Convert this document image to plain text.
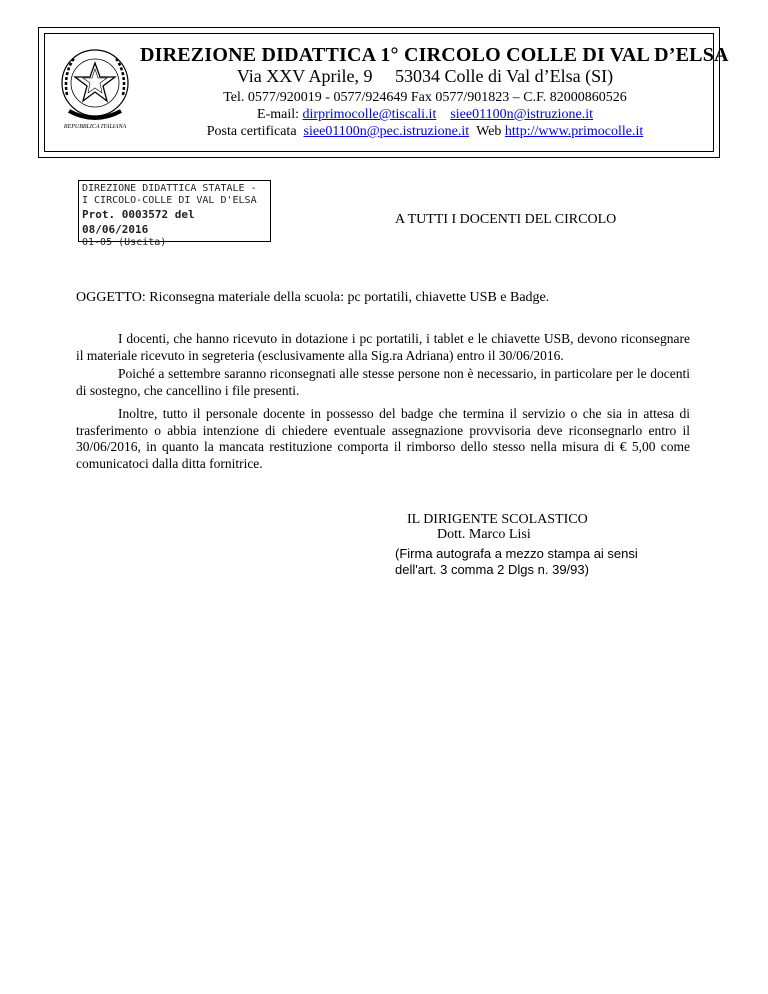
REPUBBLICA ITALIANA
DIREZIONE DIDATTICA 1° CIRCOLO COLLE DI VAL D’ELSA
Via XXV Aprile, 9     53034 Colle di Val d’Elsa (SI)
Tel. 0577/920019 - 0577/924649 Fax 0577/901823 – C.F. 82000860526
E-mail: dirprimocolle@tiscali.it siee01100n@istruzione.it
Posta certificata  siee01100n@pec.istruzione.it Web http://www.primocolle.it
DIREZIONE DIDATTICA STATALE -
I CIRCOLO-COLLE DI VAL D'ELSA
Prot. 0003572 del 08/06/2016
01-05 (Uscita)
A TUTTI I DOCENTI DEL CIRCOLO
OGGETTO: Riconsegna materiale della scuola: pc portatili, chiavette USB e Badge.

I docenti, che hanno ricevuto in dotazione i pc portatili, i tablet e le chiavette USB, devono riconsegnare il materiale ricevuto in segreteria (esclusivamente alla Sig.ra Adriana) entro il 30/06/2016.

Poiché a settembre saranno riconsegnati alle stesse persone non è necessario, in particolare per le docenti di sostegno, che cancellino i file presenti.

Inoltre, tutto il personale docente in possesso del badge che termina il servizio o che sia in attesa di trasferimento o abbia intenzione di chiedere eventuale assegnazione provvisoria deve riconsegnarlo entro il 30/06/2016, in quanto la mancata restituzione comporta il rimborso dello stesso nella misura di € 5,00 come comunicatoci dalla ditta fornitrice.

IL DIRIGENTE SCOLASTICO
Dott. Marco Lisi
(Firma autografa a mezzo stampa ai sensi dell'art. 3 comma 2 Dlgs n. 39/93)
